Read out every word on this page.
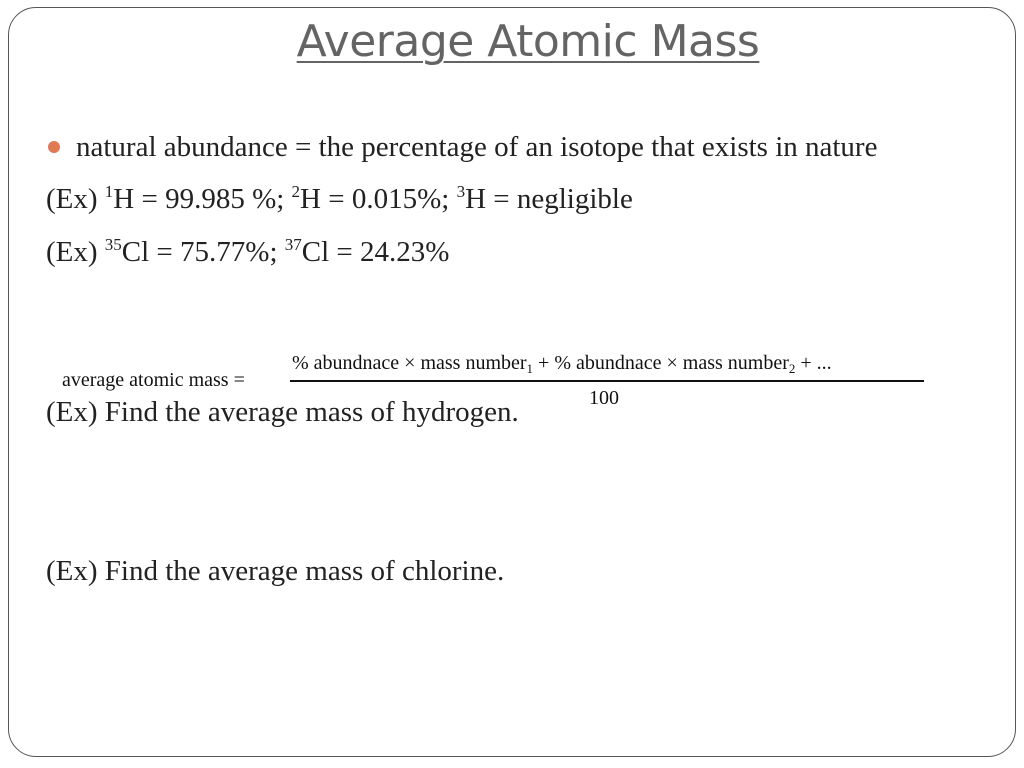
Average Atomic Mass
natural abundance = the percentage of an isotope that exists in nature
(Ex) $^1$H = 99.985 %; $^2$H = 0.015%; $^3$H = negligible
(Ex) $^{35}$Cl = 75.77%; $^{37}$Cl = 24.23%
average atomic mass =
% abundnace × mass number$_1$ + % abundnace × mass number$_2$ + ...
100
(Ex) Find the average mass of hydrogen.
(Ex) Find the average mass of chlorine.
